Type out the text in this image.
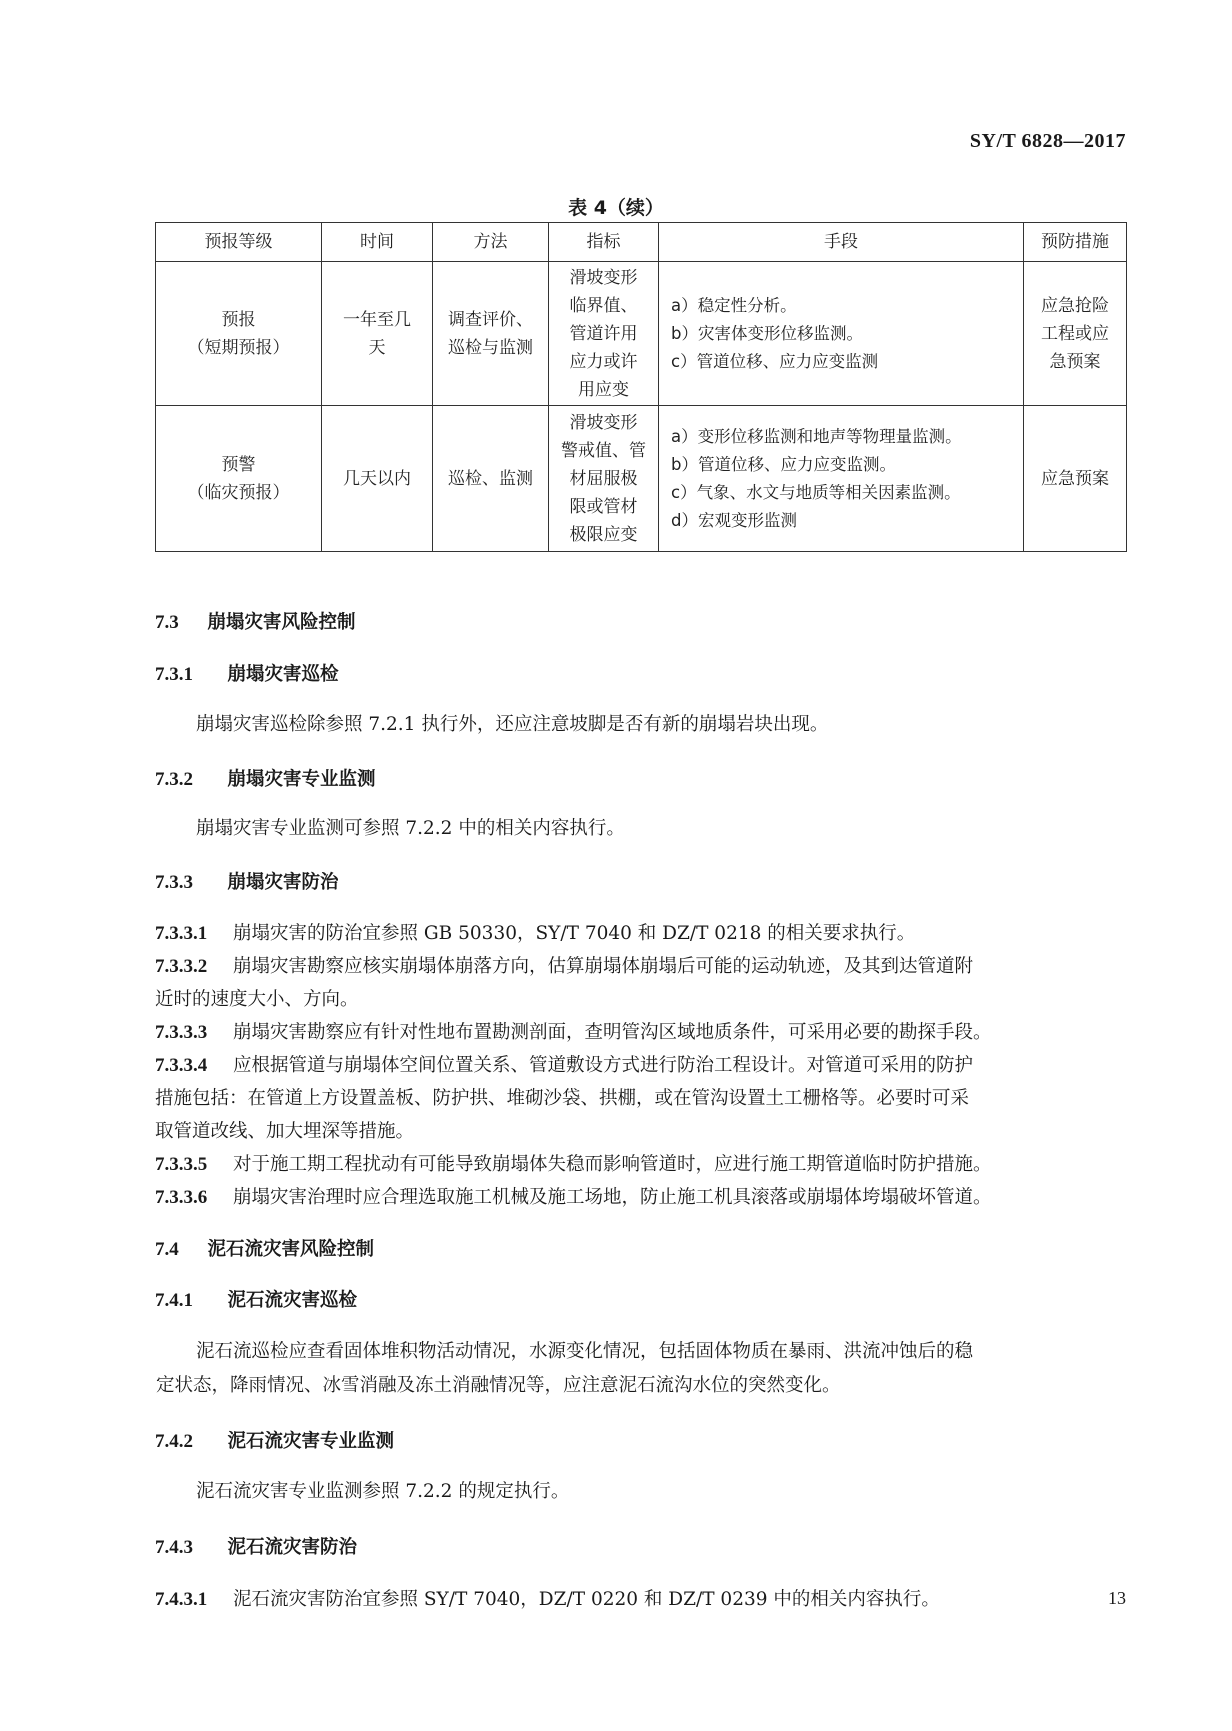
SY/T 6828—2017
表 4（续）
预报等级	时间	方法	指标	手段	预防措施

预报
（短期预报）	一年至几
天	调查评价、
巡检与监测	滑坡变形
临界值、
管道许用
应力或许
用应变	a）稳定性分析。
b）灾害体变形位移监测。
c）管道位移、应力应变监测	应急抢险
工程或应
急预案

预警
（临灾预报）	几天以内	巡检、监测	滑坡变形
警戒值、管
材屈服极
限或管材
极限应变	a）变形位移监测和地声等物理量监测。
b）管道位移、应力应变监测。
c）气象、水文与地质等相关因素监测。
d）宏观变形监测	应急预案
7.3 崩塌灾害风险控制
7.3.1 崩塌灾害巡检
崩塌灾害巡检除参照 7.2.1 执行外，还应注意坡脚是否有新的崩塌岩块出现。
7.3.2 崩塌灾害专业监测
崩塌灾害专业监测可参照 7.2.2 中的相关内容执行。
7.3.3 崩塌灾害防治
7.3.3.1 崩塌灾害的防治宜参照 GB 50330，SY/T 7040 和 DZ/T 0218 的相关要求执行。
7.3.3.2 崩塌灾害勘察应核实崩塌体崩落方向，估算崩塌体崩塌后可能的运动轨迹，及其到达管道附
近时的速度大小、方向。
7.3.3.3 崩塌灾害勘察应有针对性地布置勘测剖面，查明管沟区域地质条件，可采用必要的勘探手段。
7.3.3.4 应根据管道与崩塌体空间位置关系、管道敷设方式进行防治工程设计。对管道可采用的防护
措施包括：在管道上方设置盖板、防护拱、堆砌沙袋、拱棚，或在管沟设置土工栅格等。必要时可采
取管道改线、加大埋深等措施。
7.3.3.5 对于施工期工程扰动有可能导致崩塌体失稳而影响管道时，应进行施工期管道临时防护措施。
7.3.3.6 崩塌灾害治理时应合理选取施工机械及施工场地，防止施工机具滚落或崩塌体垮塌破坏管道。
7.4 泥石流灾害风险控制
7.4.1 泥石流灾害巡检
泥石流巡检应查看固体堆积物活动情况，水源变化情况，包括固体物质在暴雨、洪流冲蚀后的稳
定状态，降雨情况、冰雪消融及冻土消融情况等，应注意泥石流沟水位的突然变化。
7.4.2 泥石流灾害专业监测
泥石流灾害专业监测参照 7.2.2 的规定执行。
7.4.3 泥石流灾害防治
7.4.3.1 泥石流灾害防治宜参照 SY/T 7040，DZ/T 0220 和 DZ/T 0239 中的相关内容执行。	13
